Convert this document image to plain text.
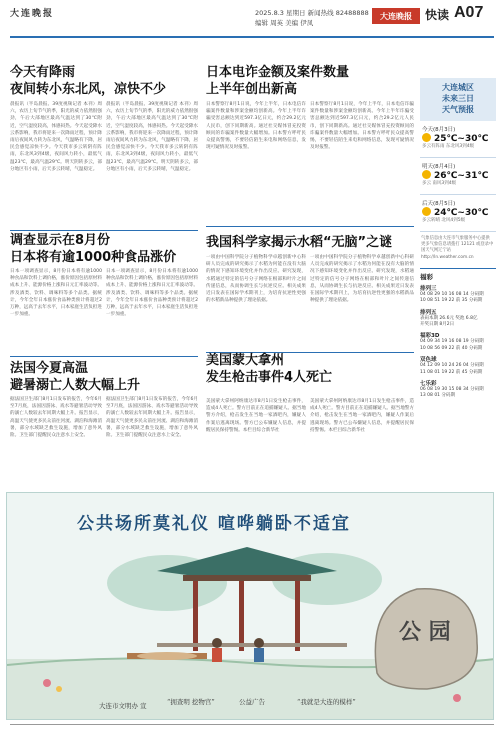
大连晚报	2025.8.3 星期日 新闻热线 82488888
编辑 周英 美编 伊凤
大连晚报	快读 A07
今天有降雨
夜间转小东北风，凉快不少
晨报讯（半岛晨报、39度视频记者 本刊）周六，农历上旬节气的季，阳光的威力依然很强劲，午后大部地区最高气温达到了30℃附近，空气湿度较高，体感闷热。今天起受降水云系影响，我市将迎来一次降雨过程，预计降雨后夜间风力转为东北风，气温略有下降，居民会感觉凉快不少。今天我市多云转阴有阵雨，东北风3到4级，夜间风力转小，最低气温23℃，最高气温29℃。明天阴转多云，部分地区有小雨，后天多云转晴，气温稳定。
晨报讯（半岛晨报、39度视频记者 本刊）周六，农历上旬节气的季，阳光的威力依然很强劲，午后大部地区最高气温达到了30℃附近，空气湿度较高，体感闷热。今天起受降水云系影响，我市将迎来一次降雨过程，预计降雨后夜间风力转为东北风，气温略有下降，居民会感觉凉快不少。今天我市多云转阴有阵雨，东北风3到4级，夜间风力转小，最低气温23℃，最高气温29℃。明天阴转多云，部分地区有小雨，后天多云转晴，气温稳定。
日本电诈金额及案件数量
上半年创出新高
日本警察厅8月1日说，今年上半年，日本电信诈骗案件数量和涉案金额均创新高。今年上半年诈骗受害总额达到近597.3亿日元，约合29.2亿元人民币，创下同期新高。通过社交媒体冒充投资顾问的诈骗案件数量大幅增加。日本警方呼吁民众提高警惕，不要轻信陌生来电和网络信息，发现可疑情况及时报警。
日本警察厅8月1日说，今年上半年，日本电信诈骗案件数量和涉案金额均创新高。今年上半年诈骗受害总额达到近597.3亿日元，约合29.2亿元人民币，创下同期新高。通过社交媒体冒充投资顾问的诈骗案件数量大幅增加。日本警方呼吁民众提高警惕，不要轻信陌生来电和网络信息，发现可疑情况及时报警。
调查显示在8月份
日本将有逾1000种食品涨价
日本一项调查显示，8月份日本将有逾1000种食品和饮料上调价格，涨价原因包括原材料成本上升、能源价格上涨和日元汇率波动等。涉及酒类、饮料、调味料等多个品类。据统计，今年全年日本涨价食品种类预计将超过2万种，远高于去年水平，日本家庭生活负担进一步加重。
日本一项调查显示，8月份日本将有逾1000种食品和饮料上调价格，涨价原因包括原材料成本上升、能源价格上涨和日元汇率波动等。涉及酒类、饮料、调味料等多个品类。据统计，今年全年日本涨价食品种类预计将超过2万种，远高于去年水平，日本家庭生活负担进一步加重。
我国科学家揭示水稻“无脑”之谜
一项由中国科学院分子植物科学卓越创新中心科研人员完成的研究揭示了水稻为何能在没有大脑的情况下感知环境变化并作出反应。研究发现，水稻通过特定的信号分子网络在根部和叶片之间传递信息，从而协调生长与抗逆反应。相关成果近日发表在国际学术期刊上，为培育抗逆性更强的水稻新品种提供了理论依据。
一项由中国科学院分子植物科学卓越创新中心科研人员完成的研究揭示了水稻为何能在没有大脑的情况下感知环境变化并作出反应。研究发现，水稻通过特定的信号分子网络在根部和叶片之间传递信息，从而协调生长与抗逆反应。相关成果近日发表在国际学术期刊上，为培育抗逆性更强的水稻新品种提供了理论依据。
法国今夏高温
避暑溺亡人数大幅上升
据法国卫生部门8月1日发布的报告，今年6月至7月底，法国因游泳、戏水等避暑活动导致的溺亡人数较去年同期大幅上升。报告显示，高温天气使更多民众前往河流、湖泊和海滩消暑，部分水域缺乏救生设施，增加了意外风险。卫生部门提醒民众注意水上安全。
据法国卫生部门8月1日发布的报告，今年6月至7月底，法国因游泳、戏水等避暑活动导致的溺亡人数较去年同期大幅上升。报告显示，高温天气使更多民众前往河流、湖泊和海滩消暑，部分水域缺乏救生设施，增加了意外风险。卫生部门提醒民众注意水上安全。
美国蒙大拿州
发生枪击事件4人死亡
美国蒙大拿州阿纳康达市8月1日发生枪击事件，造成4人死亡。警方目前正在追捕嫌疑人。据当地警方介绍，枪击发生在当地一家酒吧内，嫌疑人作案后逃离现场。警方已公布嫌疑人信息，并提醒居民保持警惕。本栏目综合新华社
美国蒙大拿州阿纳康达市8月1日发生枪击事件，造成4人死亡。警方目前正在追捕嫌疑人。据当地警方介绍，枪击发生在当地一家酒吧内，嫌疑人作案后逃离现场。警方已公布嫌疑人信息，并提醒居民保持警惕。本栏目综合新华社
大连城区
未来三日
天气预报
今天(8月3日)
25℃~30℃
多云有阵雨 东北风3到4级
明天(8月4日)
26℃~31℃
多云 南风3到4级
后天(8月5日)
24℃~30℃
多云转晴 北风4到5级
气象信息由大连市气象服务中心提供 更多气象信息请拨打 12121 或登录中国天气网辽宁站 http://ln.weather.com.cn
福彩
排列三
04 08 29 10 16 08 14 分码期
10 08 51 19 22 前 35 分码期
排列五
表码本期 26.6元 奖池 6.8亿
开奖日期 8月2日
福彩3D
04 09 34 19 16 08 19 分码期
10 08 56 09 22 前 40 分码期
双色球
04 12 09 10 24 26 04 分码期
11 08 01 19 22 前 45 分码期
七乐彩
06 08 19 30 15 08 34 分码期
13 08 01 分码期
公共场所莫礼仪 喧哗躺卧不适宜
公 园
“拥查明 挖物宫”	公益广告	“我就是大连的模样”
大连市文明办 宣
